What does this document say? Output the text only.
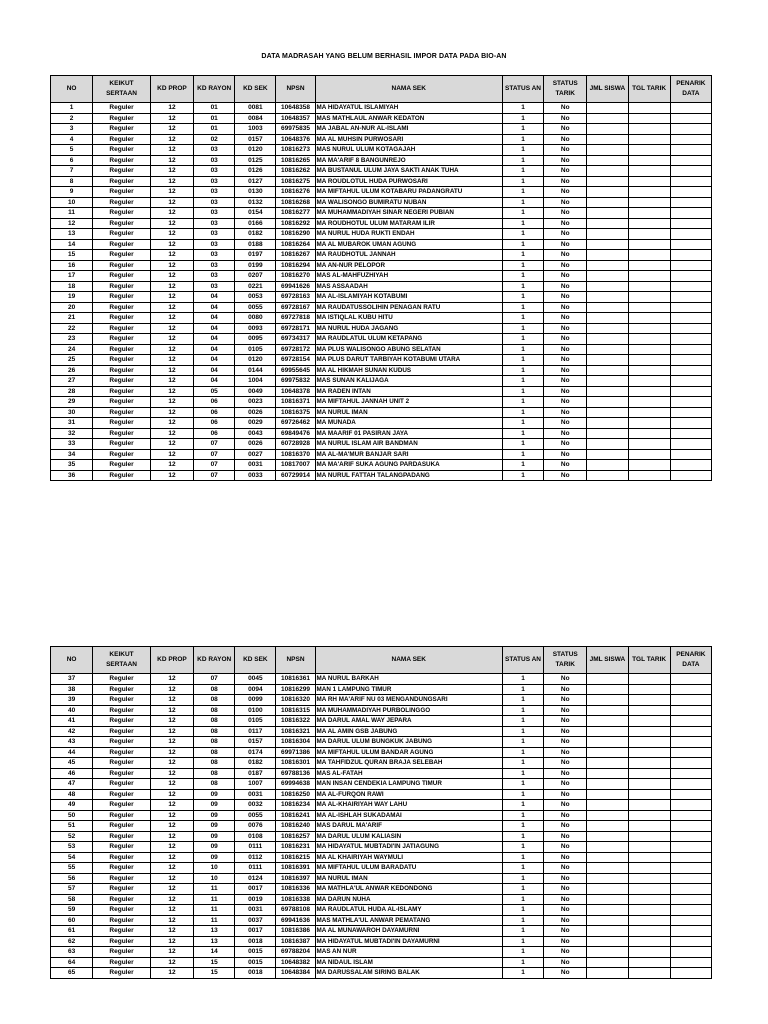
DATA MADRASAH YANG BELUM BERHASIL IMPOR DATA PADA BIO-AN
NO	KEIKUT SERTAAN	KD PROP	KD RAYON	KD SEK	NPSN	NAMA SEK	STATUS AN	STATUS TARIK	JML SISWA	TGL TARIK	PENARIK DATA
1	Reguler	12	01	0081	10648358	MA HIDAYATUL ISLAMIYAH	1	No			
2	Reguler	12	01	0084	10648357	MAS MATHLAUL ANWAR KEDATON	1	No			
3	Reguler	12	01	1003	69975835	MA JABAL AN-NUR AL-ISLAMI	1	No			
4	Reguler	12	02	0157	10648376	MA AL MUHSIN PURWOSARI	1	No			
5	Reguler	12	03	0120	10816273	MAS NURUL ULUM KOTAGAJAH	1	No			
6	Reguler	12	03	0125	10816265	MA MA'ARIF 8 BANGUNREJO	1	No			
7	Reguler	12	03	0126	10816262	MA BUSTANUL ULUM JAYA SAKTI ANAK TUHA	1	No			
8	Reguler	12	03	0127	10816275	MA ROUDLOTUL HUDA PURWOSARI	1	No			
9	Reguler	12	03	0130	10816276	MA MIFTAHUL ULUM KOTABARU PADANGRATU	1	No			
10	Reguler	12	03	0132	10816268	MA WALISONGO BUMIRATU NUBAN	1	No			
11	Reguler	12	03	0154	10816277	MA MUHAMMADIYAH SINAR NEGERI PUBIAN	1	No			
12	Reguler	12	03	0166	10816292	MA ROUDHOTUL ULUM MATARAM ILIR	1	No			
13	Reguler	12	03	0182	10816290	MA NURUL HUDA RUKTI ENDAH	1	No			
14	Reguler	12	03	0188	10816264	MA AL MUBAROK UMAN AGUNG	1	No			
15	Reguler	12	03	0197	10816267	MA RAUDHOTUL JANNAH	1	No			
16	Reguler	12	03	0199	10816294	MA AN-NUR PELOPOR	1	No			
17	Reguler	12	03	0207	10816270	MAS AL-MAHFUZHIYAH	1	No			
18	Reguler	12	03	0221	69941626	MAS ASSAADAH	1	No			
19	Reguler	12	04	0053	69728163	MA AL-ISLAMIYAH KOTABUMI	1	No			
20	Reguler	12	04	0055	69728167	MA RAUDATUSSOLIHIN PENAGAN RATU	1	No			
21	Reguler	12	04	0080	69727818	MA ISTIQLAL KUBU HITU	1	No			
22	Reguler	12	04	0093	69728171	MA NURUL HUDA JAGANG	1	No			
23	Reguler	12	04	0095	69734317	MA RAUDLATUL ULUM KETAPANG	1	No			
24	Reguler	12	04	0105	69728172	MA PLUS WALISONGO ABUNG SELATAN	1	No			
25	Reguler	12	04	0120	69728154	MA PLUS DARUT TARBIYAH KOTABUMI UTARA	1	No			
26	Reguler	12	04	0144	69955645	MA AL HIKMAH SUNAN KUDUS	1	No			
27	Reguler	12	04	1004	69975832	MAS SUNAN KALIJAGA	1	No			
28	Reguler	12	05	0049	10648378	MA RADEN INTAN	1	No			
29	Reguler	12	06	0023	10816371	MA MIFTAHUL JANNAH UNIT 2	1	No			
30	Reguler	12	06	0026	10816375	MA NURUL IMAN	1	No			
31	Reguler	12	06	0029	69726462	MA MUNADA	1	No			
32	Reguler	12	06	0043	69849476	MA MAARIF 01 PASIRAN JAYA	1	No			
33	Reguler	12	07	0026	60728928	MA NURUL ISLAM AIR BANDMAN	1	No			
34	Reguler	12	07	0027	10816370	MA AL-MA'MUR BANJAR SARI	1	No			
35	Reguler	12	07	0031	10817007	MA MA'ARIF SUKA AGUNG PARDASUKA	1	No			
36	Reguler	12	07	0033	60729914	MA NURUL FATTAH TALANGPADANG	1	No			
NO	KEIKUT SERTAAN	KD PROP	KD RAYON	KD SEK	NPSN	NAMA SEK	STATUS AN	STATUS TARIK	JML SISWA	TGL TARIK	PENARIK DATA
37	Reguler	12	07	0045	10816361	MA NURUL BARKAH	1	No			
38	Reguler	12	08	0094	10816299	MAN 1 LAMPUNG TIMUR	1	No			
39	Reguler	12	08	0099	10816320	MA RH MA'ARIF NU 03 MENGANDUNGSARI	1	No			
40	Reguler	12	08	0100	10816315	MA MUHAMMADIYAH PURBOLINGGO	1	No			
41	Reguler	12	08	0105	10816322	MA DARUL AMAL WAY JEPARA	1	No			
42	Reguler	12	08	0117	10816321	MA AL AMIN GSB JABUNG	1	No			
43	Reguler	12	08	0157	10816304	MA DARUL ULUM BUNGKUK JABUNG	1	No			
44	Reguler	12	08	0174	69971386	MA MIFTAHUL ULUM BANDAR AGUNG	1	No			
45	Reguler	12	08	0182	10816301	MA TAHFIDZUL QURAN BRAJA SELEBAH	1	No			
46	Reguler	12	08	0187	69788136	MAS AL-FATAH	1	No			
47	Reguler	12	08	1007	69994638	MAN INSAN CENDEKIA LAMPUNG TIMUR	1	No			
48	Reguler	12	09	0031	10816250	MA AL-FURQON RAWI	1	No			
49	Reguler	12	09	0032	10816234	MA AL-KHAIRIYAH WAY LAHU	1	No			
50	Reguler	12	09	0055	10816241	MA AL-ISHLAH SUKADAMAI	1	No			
51	Reguler	12	09	0076	10816240	MAS DARUL MA'ARIF	1	No			
52	Reguler	12	09	0108	10816257	MA DARUL ULUM KALIASIN	1	No			
53	Reguler	12	09	0111	10816231	MA HIDAYATUL MUBTADI'IN JATIAGUNG	1	No			
54	Reguler	12	09	0112	10816215	MA AL KHAIRIYAH WAYMULI	1	No			
55	Reguler	12	10	0111	10816391	MA MIFTAHUL ULUM BARADATU	1	No			
56	Reguler	12	10	0124	10816397	MA NURUL IMAN	1	No			
57	Reguler	12	11	0017	10816336	MA MATHLA'UL ANWAR KEDONDONG	1	No			
58	Reguler	12	11	0019	10816338	MA DARUN NUHA	1	No			
59	Reguler	12	11	0031	69788108	MA RAUDLATUL HUDA AL-ISLAMY	1	No			
60	Reguler	12	11	0037	69941636	MAS MATHLA'UL ANWAR PEMATANG	1	No			
61	Reguler	12	13	0017	10816386	MA AL MUNAWAROH DAYAMURNI	1	No			
62	Reguler	12	13	0018	10816387	MA HIDAYATUL MUBTADI'IN DAYAMURNI	1	No			
63	Reguler	12	14	0015	69788204	MAS AN NUR	1	No			
64	Reguler	12	15	0015	10648382	MA NIDAUL ISLAM	1	No			
65	Reguler	12	15	0018	10648384	MA DARUSSALAM SIRING BALAK	1	No			
